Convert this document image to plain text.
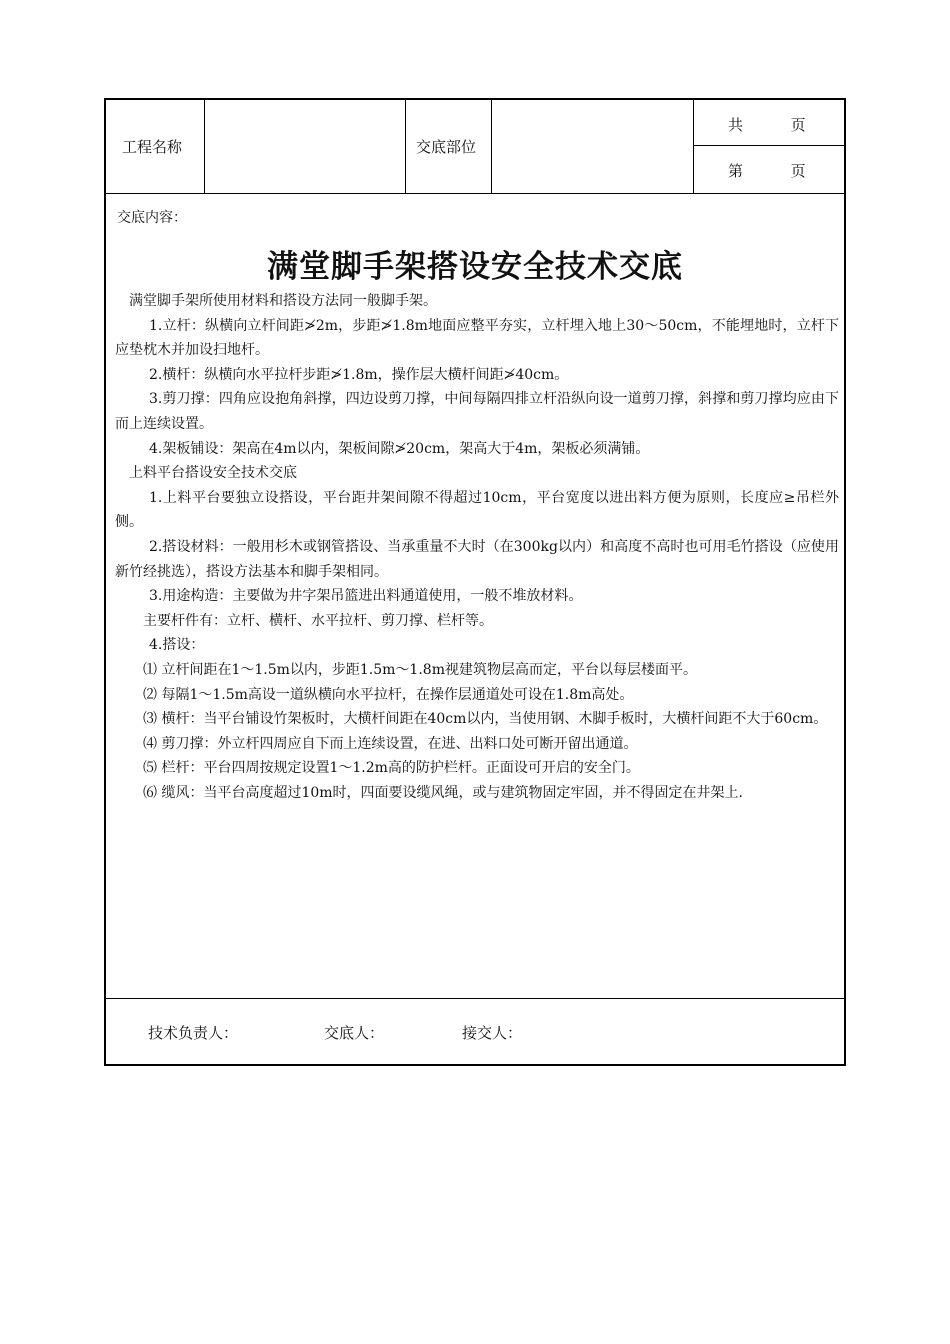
工程名称	交底部位
共          页
第          页
交底内容：
满堂脚手架搭设安全技术交底

满堂脚手架所使用材料和搭设方法同一般脚手架。

1.立杆：纵横向立杆间距≯2m，步距≯1.8m地面应整平夯实，立杆埋入地上30～50cm，不能埋地时，立杆下应垫枕木并加设扫地杆。

2.横杆：纵横向水平拉杆步距≯1.8m，操作层大横杆间距≯40cm。

3.剪刀撑：四角应设抱角斜撑，四边设剪刀撑，中间每隔四排立杆沿纵向设一道剪刀撑，斜撑和剪刀撑均应由下而上连续设置。

4.架板铺设：架高在4m以内，架板间隙≯20cm，架高大于4m，架板必须满铺。

上料平台搭设安全技术交底

1.上料平台要独立设搭设，平台距井架间隙不得超过10cm，平台宽度以进出料方便为原则，长度应≥吊栏外侧。

2.搭设材料：一般用杉木或钢管搭设、当承重量不大时（在300kg以内）和高度不高时也可用毛竹搭设（应使用新竹经挑选），搭设方法基本和脚手架相同。

3.用途构造：主要做为井字架吊篮进出料通道使用，一般不堆放材料。

主要杆件有：立杆、横杆、水平拉杆、剪刀撑、栏杆等。

4.搭设：

⑴ 立杆间距在1～1.5m以内，步距1.5m～1.8m视建筑物层高而定，平台以每层楼面平。

⑵ 每隔1～1.5m高设一道纵横向水平拉杆，在操作层通道处可设在1.8m高处。

⑶ 横杆：当平台铺设竹架板时，大横杆间距在40cm以内，当使用钢、木脚手板时，大横杆间距不大于60cm。

⑷ 剪刀撑：外立杆四周应自下而上连续设置，在进、出料口处可断开留出通道。

⑸ 栏杆：平台四周按规定设置1～1.2m高的防护栏杆。正面设可开启的安全门。

⑹ 缆风：当平台高度超过10m时，四面要设缆风绳，或与建筑物固定牢固，并不得固定在井架上.

技术负责人：	交底人：	接交人：
